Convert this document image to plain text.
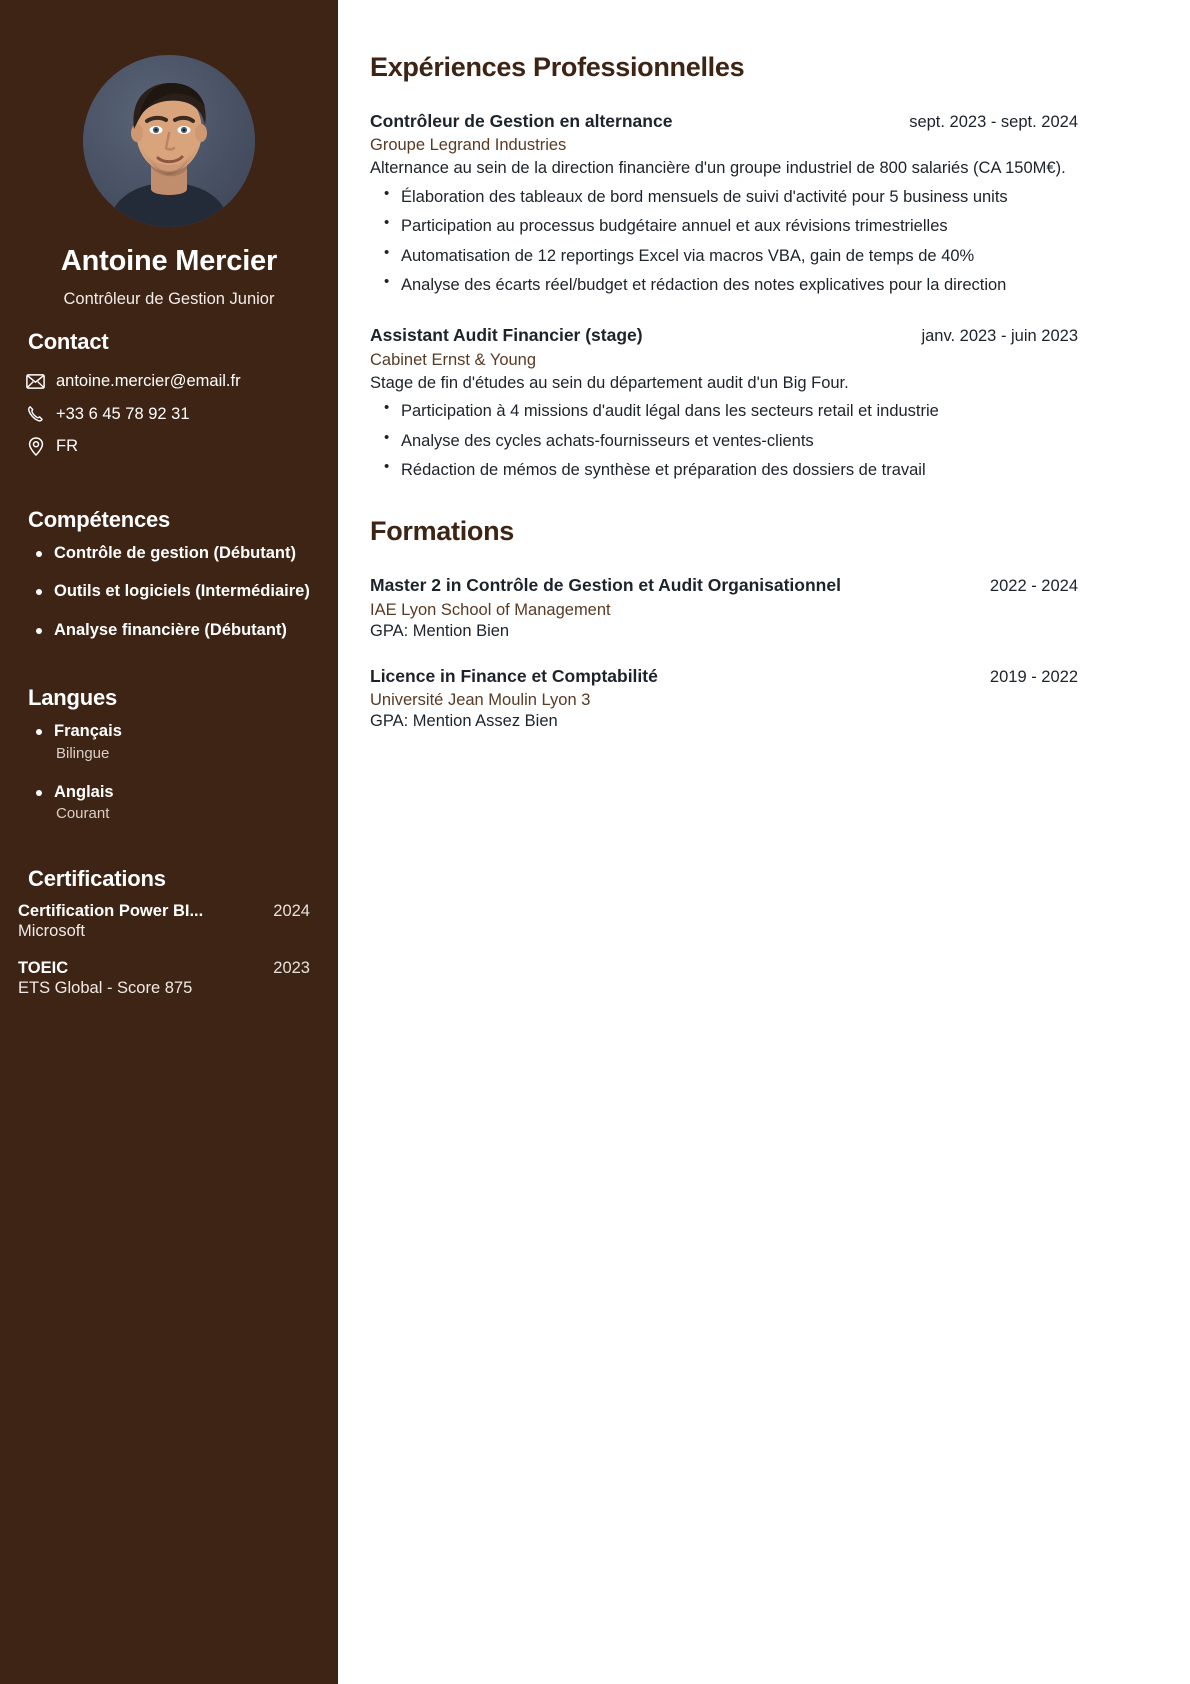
Antoine Mercier
Contrôleur de Gestion Junior
Contact
antoine.mercier@email.fr
+33 6 45 78 92 31
FR
Compétences
Contrôle de gestion (Débutant)
Outils et logiciels (Intermédiaire)
Analyse financière (Débutant)
Langues
Français
Bilingue
Anglais
Courant
Certifications
Certification Power BI...	2024
Microsoft
TOEIC	2023
ETS Global - Score 875
Expériences Professionnelles
Contrôleur de Gestion en alternance	sept. 2023 - sept. 2024
Groupe Legrand Industries
Alternance au sein de la direction financière d'un groupe industriel de 800 salariés (CA 150M€).
• Élaboration des tableaux de bord mensuels de suivi d'activité pour 5 business units
• Participation au processus budgétaire annuel et aux révisions trimestrielles
• Automatisation de 12 reportings Excel via macros VBA, gain de temps de 40%
• Analyse des écarts réel/budget et rédaction des notes explicatives pour la direction
Assistant Audit Financier (stage)	janv. 2023 - juin 2023
Cabinet Ernst & Young
Stage de fin d'études au sein du département audit d'un Big Four.
• Participation à 4 missions d'audit légal dans les secteurs retail et industrie
• Analyse des cycles achats-fournisseurs et ventes-clients
• Rédaction de mémos de synthèse et préparation des dossiers de travail
Formations
Master 2 in Contrôle de Gestion et Audit Organisationnel	2022 - 2024
IAE Lyon School of Management
GPA: Mention Bien
Licence in Finance et Comptabilité	2019 - 2022
Université Jean Moulin Lyon 3
GPA: Mention Assez Bien
